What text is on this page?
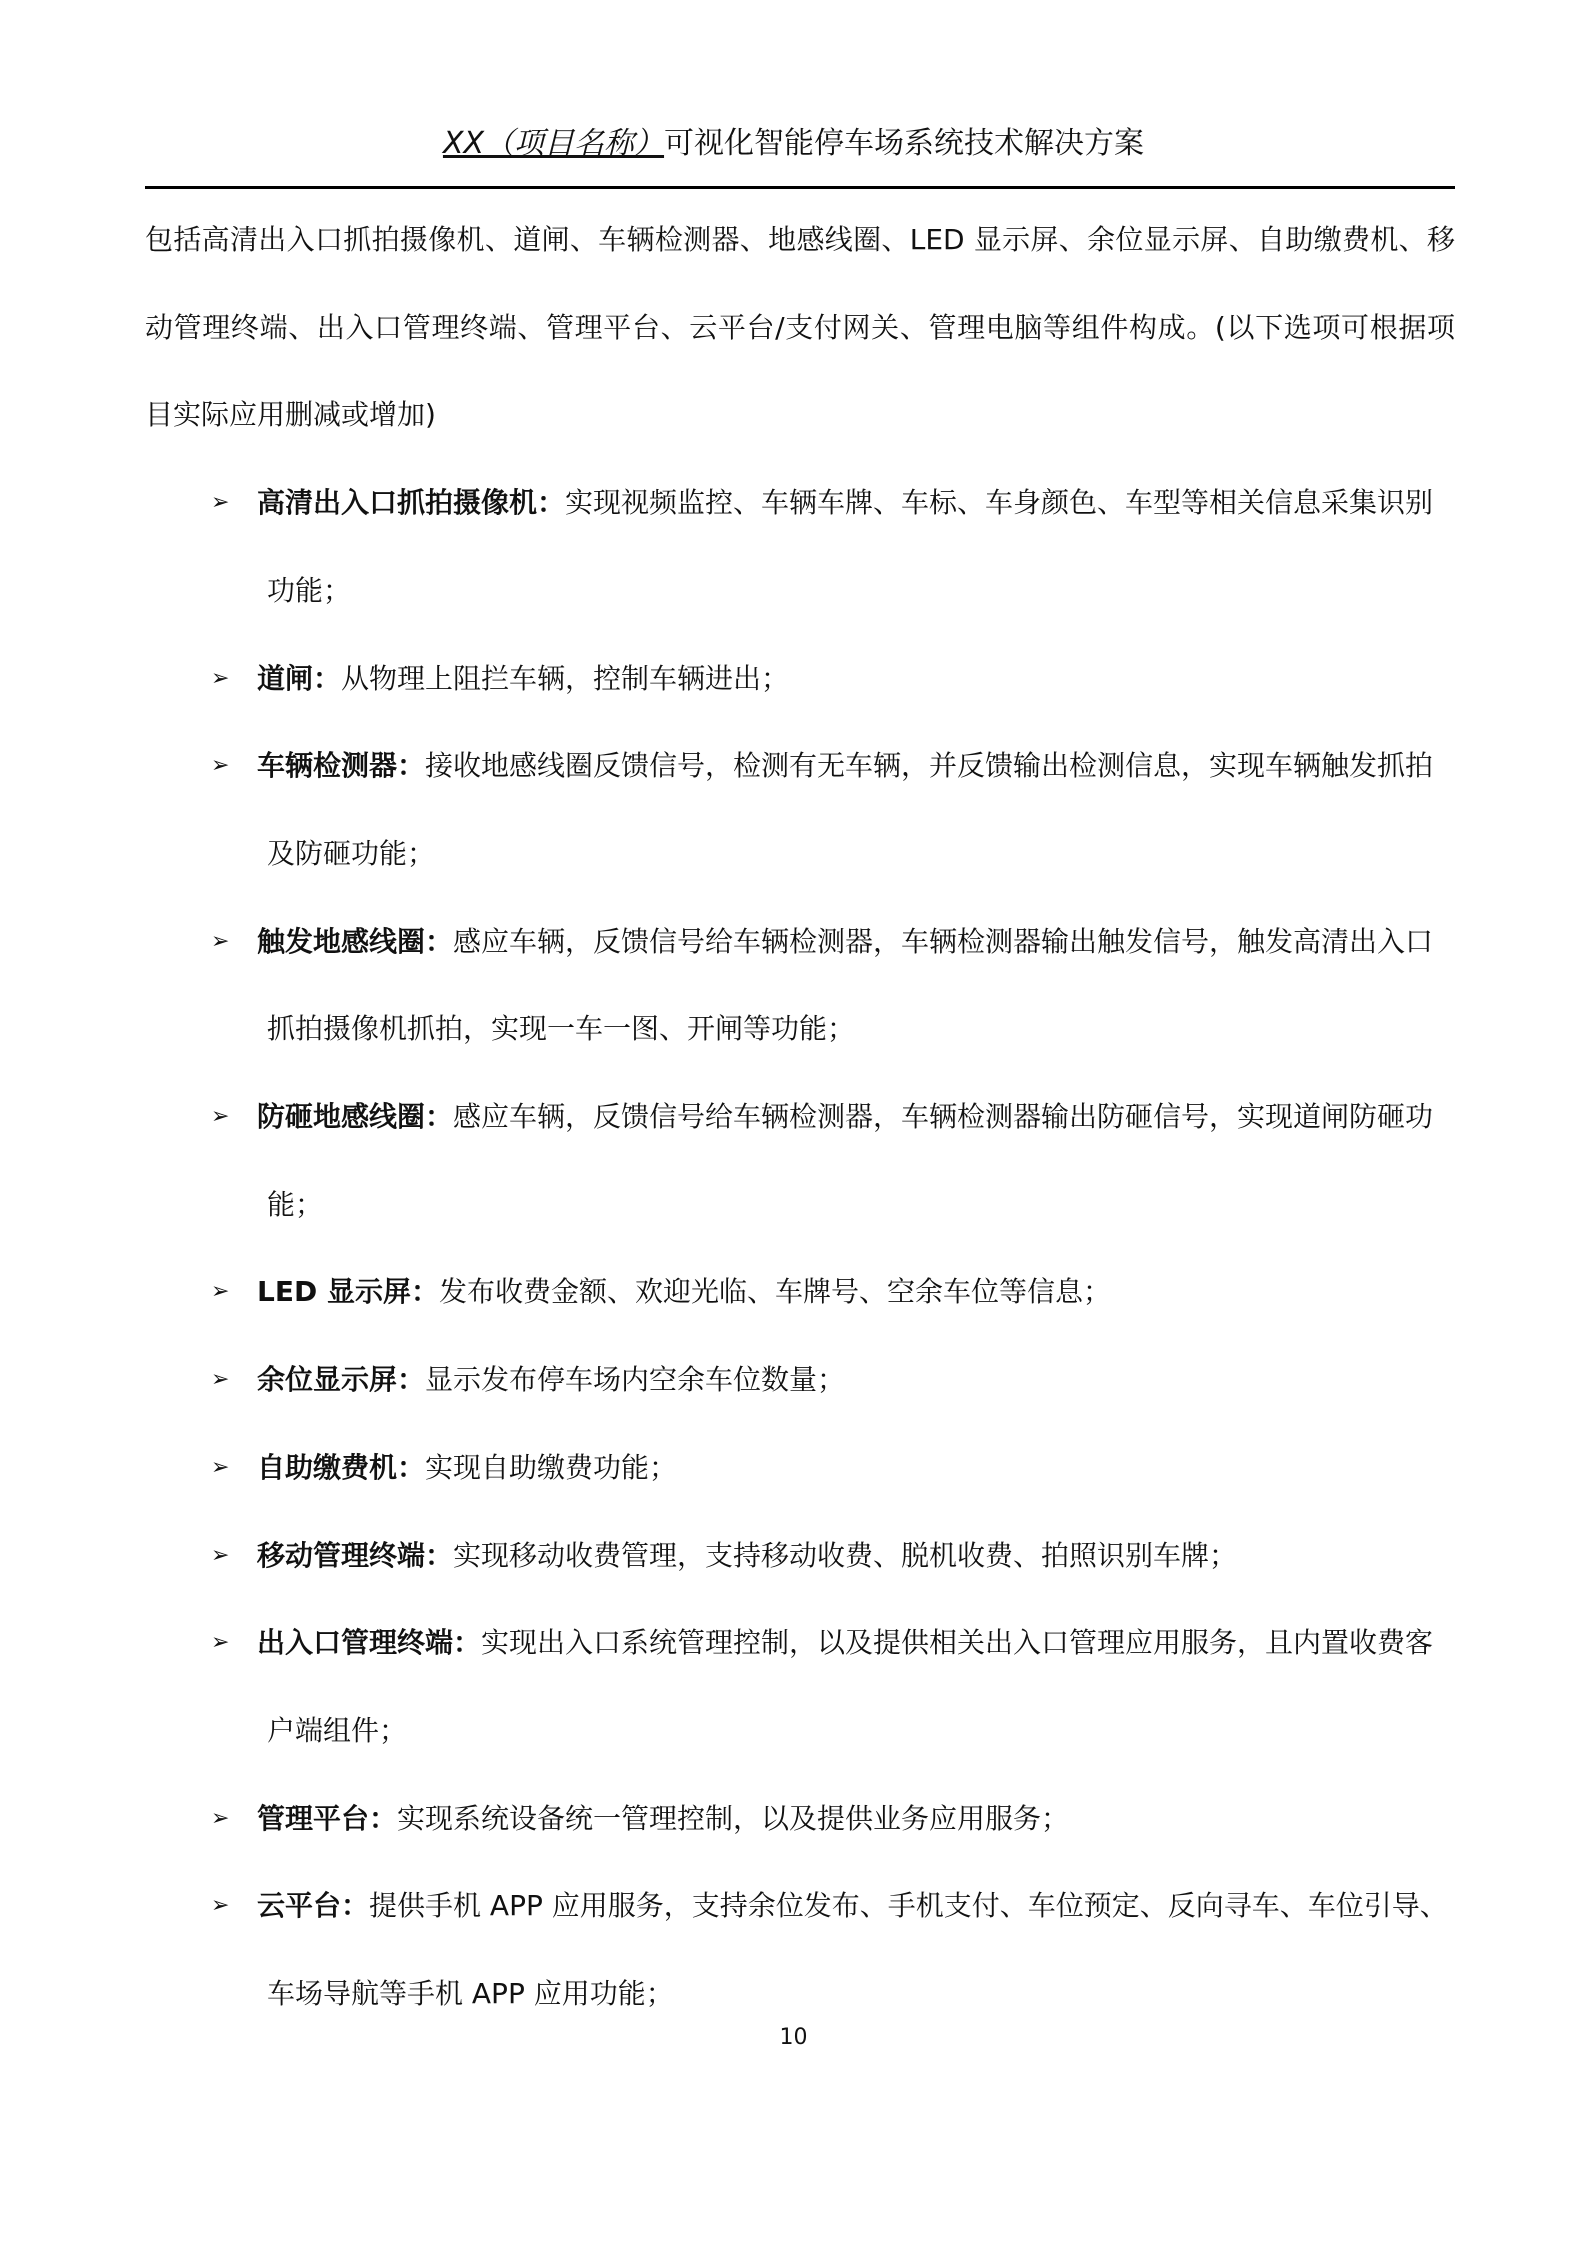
XX（项目名称）可视化智能停车场系统技术解决方案
包括高清出入口抓拍摄像机、道闸、车辆检测器、地感线圈、LED 显示屏、余位显示屏、自助缴费机、移
动管理终端、出入口管理终端、管理平台、云平台/支付网关、管理电脑等组件构成。(以下选项可根据项
目实际应用删减或增加)
➢ 高清出入口抓拍摄像机：实现视频监控、车辆车牌、车标、车身颜色、车型等相关信息采集识别
功能；
➢ 道闸：从物理上阻拦车辆，控制车辆进出；
➢ 车辆检测器：接收地感线圈反馈信号，检测有无车辆，并反馈输出检测信息，实现车辆触发抓拍
及防砸功能；
➢ 触发地感线圈：感应车辆，反馈信号给车辆检测器，车辆检测器输出触发信号，触发高清出入口
抓拍摄像机抓拍，实现一车一图、开闸等功能；
➢ 防砸地感线圈：感应车辆，反馈信号给车辆检测器，车辆检测器输出防砸信号，实现道闸防砸功
能；
➢ LED 显示屏：发布收费金额、欢迎光临、车牌号、空余车位等信息；
➢ 余位显示屏：显示发布停车场内空余车位数量；
➢ 自助缴费机：实现自助缴费功能；
➢ 移动管理终端：实现移动收费管理，支持移动收费、脱机收费、拍照识别车牌；
➢ 出入口管理终端：实现出入口系统管理控制，以及提供相关出入口管理应用服务，且内置收费客
户端组件；
➢ 管理平台：实现系统设备统一管理控制，以及提供业务应用服务；
➢ 云平台：提供手机 APP 应用服务，支持余位发布、手机支付、车位预定、反向寻车、车位引导、
车场导航等手机 APP 应用功能；
10
